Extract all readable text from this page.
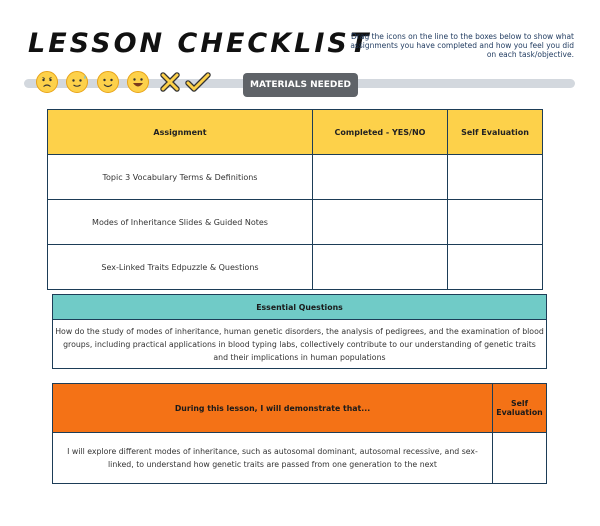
LESSON CHECKLIST
Drag the icons on the line to the boxes below to show what assignments you have completed and how you feel you did on each task/objective.
MATERIALS NEEDED
Assignment	Completed - YES/NO	Self Evaluation
Topic 3 Vocabulary Terms & Definitions		
Modes of Inheritance Slides & Guided Notes		
Sex-Linked Traits Edpuzzle & Questions		
Essential Questions
How do the study of modes of inheritance, human genetic disorders, the analysis of pedigrees, and the examination of blood groups, including practical applications in blood typing labs, collectively contribute to our understanding of genetic traits and their implications in human populations
During this lesson, I will demonstrate that...	Self Evaluation
I will explore different modes of inheritance, such as autosomal dominant, autosomal recessive, and sex-linked, to understand how genetic traits are passed from one generation to the next	
